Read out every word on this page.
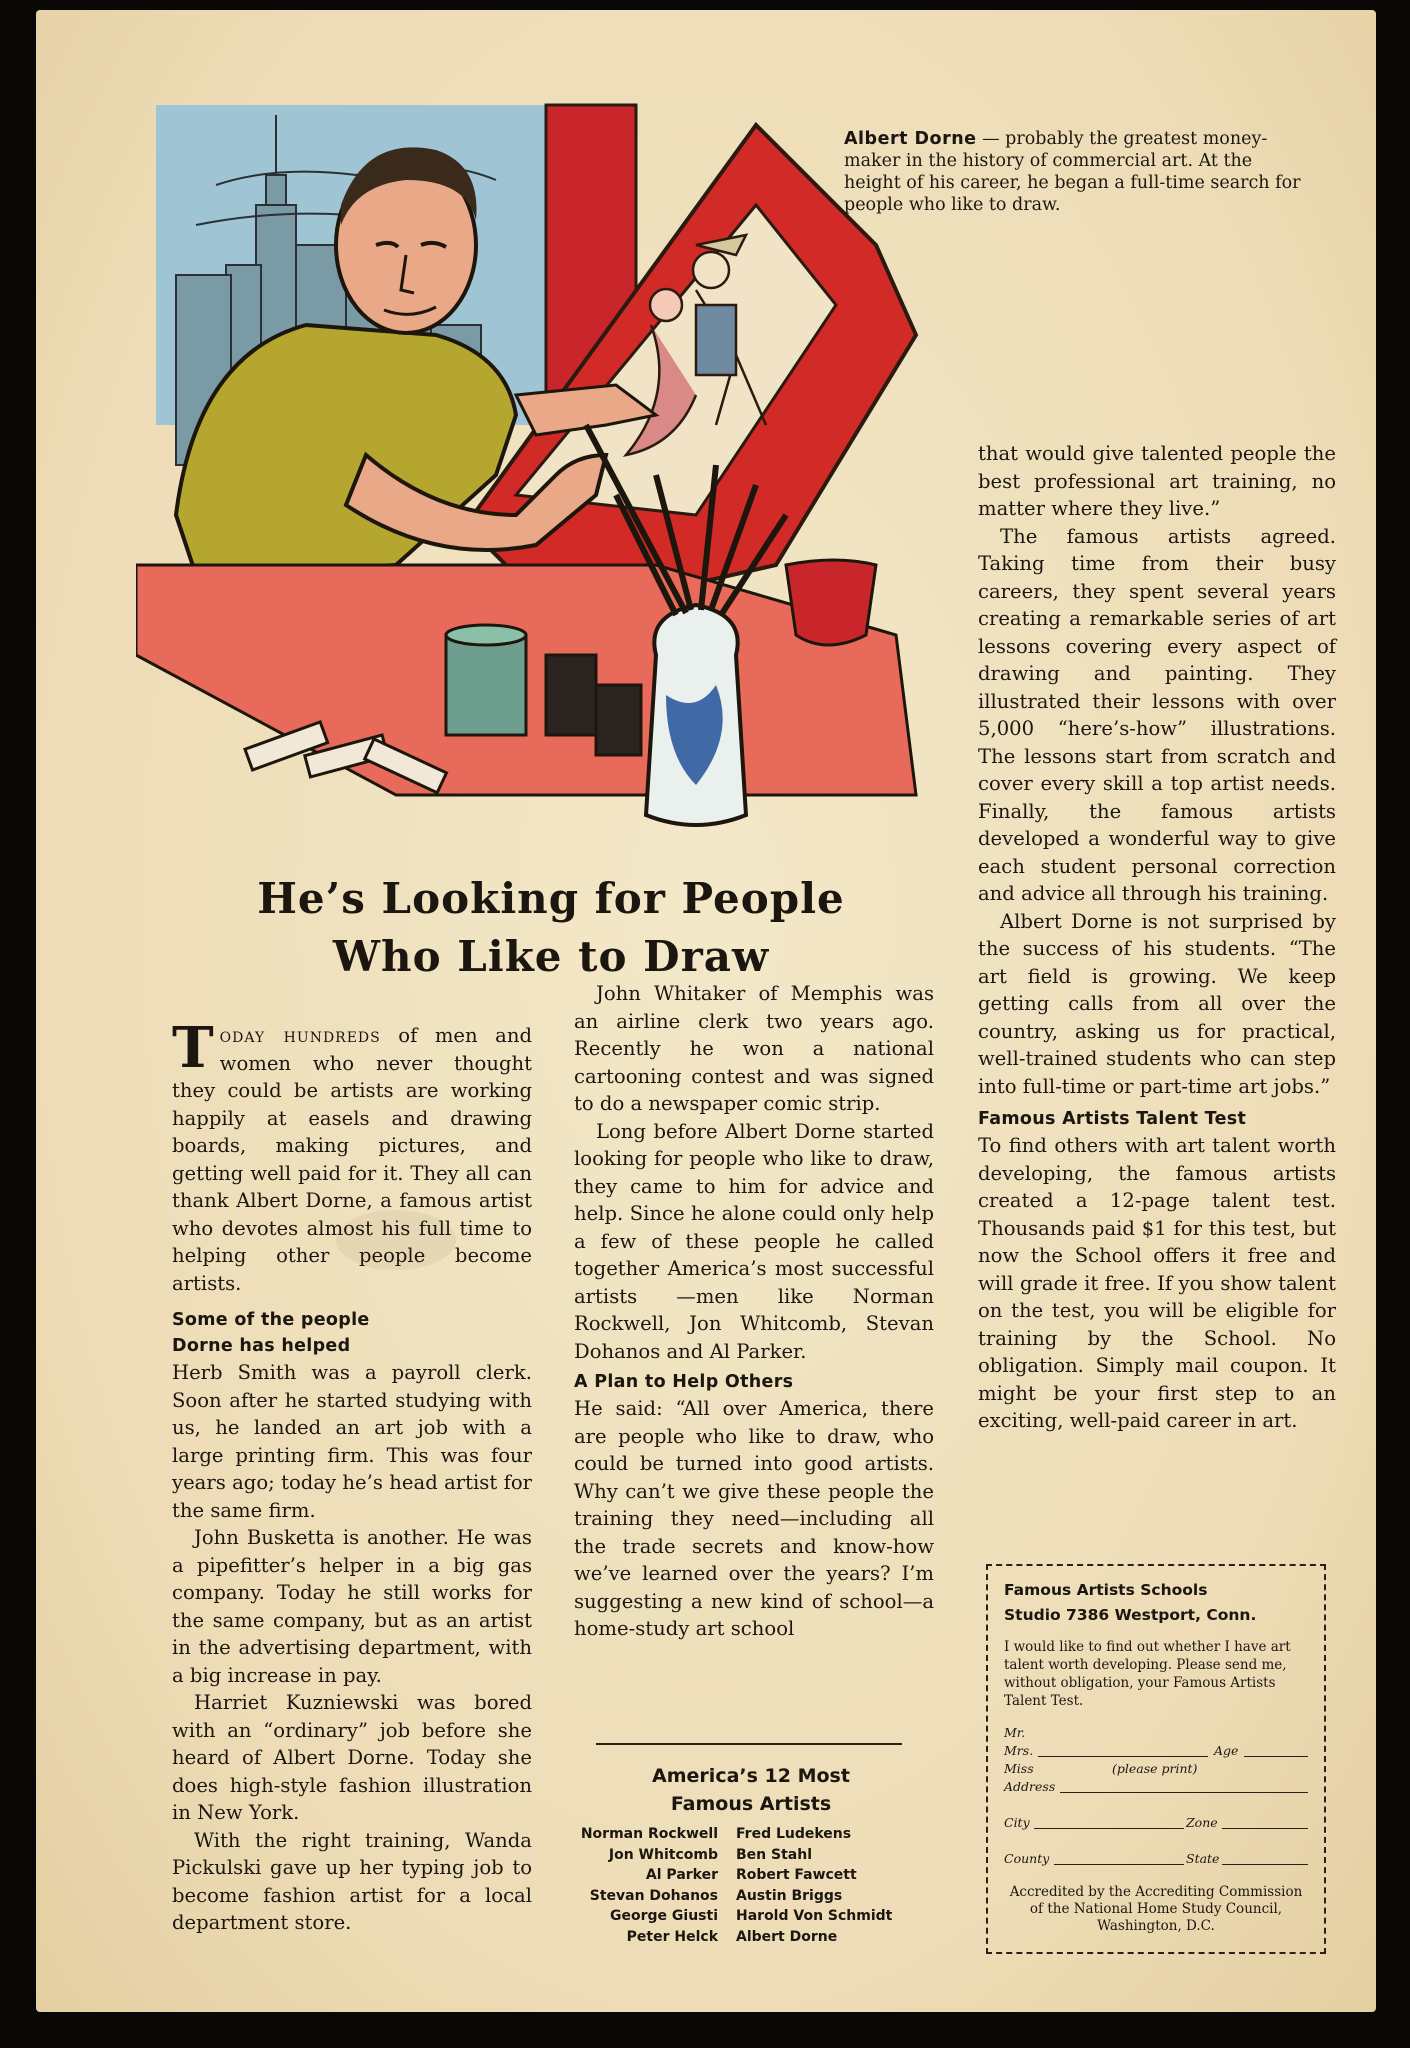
Albert Dorne — probably the greatest money-maker in the history of commercial art. At the height of his career, he began a full-time search for people who like to draw.
He’s Looking for People
Who Like to Draw

Today hundreds of men and women who never thought they could be artists are working happily at easels and drawing boards, making pictures, and getting well paid for it. They all can thank Albert Dorne, a famous artist who devotes almost his full time to helping other people become artists.

Some of the people

Dorne has helped

Herb Smith was a payroll clerk. Soon after he started studying with us, he landed an art job with a large printing firm. This was four years ago; today he’s head artist for the same firm.

John Busketta is another. He was a pipefitter’s helper in a big gas company. Today he still works for the same company, but as an artist in the advertising department, with a big increase in pay.

Harriet Kuzniewski was bored with an “ordinary” job before she heard of Albert Dorne. Today she does high-style fashion illustration in New York.

With the right training, Wanda Pickulski gave up her typing job to become fashion artist for a local department store.

John Whitaker of Memphis was an airline clerk two years ago. Recently he won a national cartooning contest and was signed to do a newspaper comic strip.

Long before Albert Dorne started looking for people who like to draw, they came to him for advice and help. Since he alone could only help a few of these people he called together America’s most successful artists —men like Norman Rockwell, Jon Whitcomb, Stevan Dohanos and Al Parker.

A Plan to Help Others

He said: “All over America, there are people who like to draw, who could be turned into good artists. Why can’t we give these people the training they need—including all the trade secrets and know-how we’ve learned over the years? I’m suggesting a new kind of school—a home-study art school

that would give talented people the best professional art training, no matter where they live.”

The famous artists agreed. Taking time from their busy careers, they spent several years creating a remarkable series of art lessons covering every aspect of drawing and painting. They illustrated their lessons with over 5,000 “here’s-how” illustrations. The lessons start from scratch and cover every skill a top artist needs. Finally, the famous artists developed a wonderful way to give each student personal correction and advice all through his training.

Albert Dorne is not surprised by the success of his students. “The art field is growing. We keep getting calls from all over the country, asking us for practical, well-trained students who can step into full-time or part-time art jobs.”

Famous Artists Talent Test

To find others with art talent worth developing, the famous artists created a 12-page talent test. Thousands paid $1 for this test, but now the School offers it free and will grade it free. If you show talent on the test, you will be eligible for training by the School. No obligation. Simply mail coupon. It might be your first step to an exciting, well-paid career in art.

America’s 12 Most
Famous Artists
Norman Rockwell	Fred Ludekens
Jon Whitcomb	Ben Stahl
Al Parker	Robert Fawcett
Stevan Dohanos	Austin Briggs
George Giusti	Harold Von Schmidt
Peter Helck	Albert Dorne
Famous Artists Schools
Studio 7386 Westport, Conn.
I would like to find out whether I have art talent worth developing. Please send me, without obligation, your Famous Artists Talent Test.
Mr.
Mrs.	Age
Miss	(please print)
Address
City	Zone
County	State
Accredited by the Accrediting Commission of the National Home Study Council, Washington, D.C.
